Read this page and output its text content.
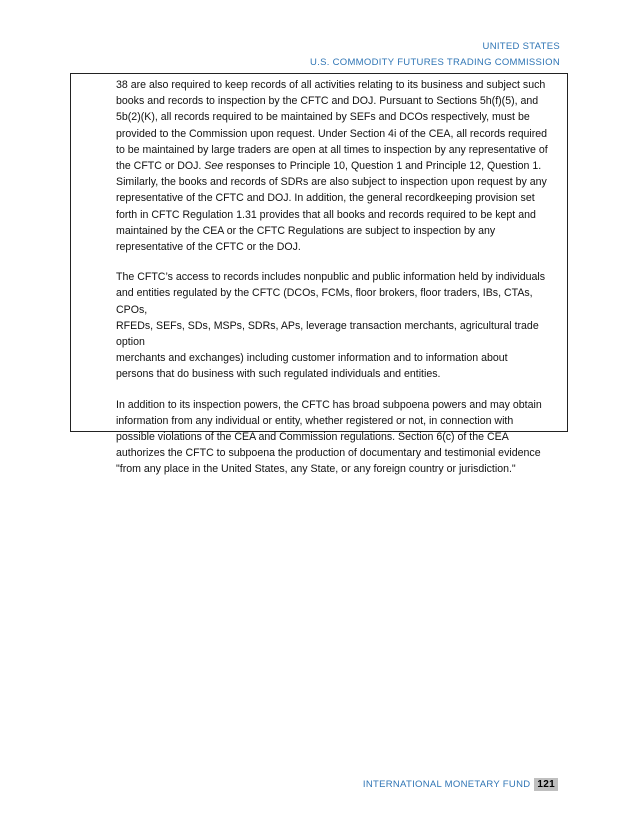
UNITED STATES
U.S. COMMODITY FUTURES TRADING COMMISSION

38 are also required to keep records of all activities relating to its business and subject such
books and records to inspection by the CFTC and DOJ. Pursuant to Sections 5h(f)(5), and
5b(2)(K), all records required to be maintained by SEFs and DCOs respectively, must be
provided to the Commission upon request. Under Section 4i of the CEA, all records required
to be maintained by large traders are open at all times to inspection by any representative of
the CFTC or DOJ. See responses to Principle 10, Question 1 and Principle 12, Question 1.
Similarly, the books and records of SDRs are also subject to inspection upon request by any
representative of the CFTC and DOJ. In addition, the general recordkeeping provision set
forth in CFTC Regulation 1.31 provides that all books and records required to be kept and
maintained by the CEA or the CFTC Regulations are subject to inspection by any
representative of the CFTC or the DOJ.

The CFTC’s access to records includes nonpublic and public information held by individuals
and entities regulated by the CFTC (DCOs, FCMs, floor brokers, floor traders, IBs, CTAs, CPOs,
RFEDs, SEFs, SDs, MSPs, SDRs, APs, leverage transaction merchants, agricultural trade option
merchants and exchanges) including customer information and to information about
persons that do business with such regulated individuals and entities.

In addition to its inspection powers, the CFTC has broad subpoena powers and may obtain
information from any individual or entity, whether registered or not, in connection with
possible violations of the CEA and Commission regulations. Section 6(c) of the CEA
authorizes the CFTC to subpoena the production of documentary and testimonial evidence
"from any place in the United States, any State, or any foreign country or jurisdiction."

INTERNATIONAL MONETARY FUND 121
